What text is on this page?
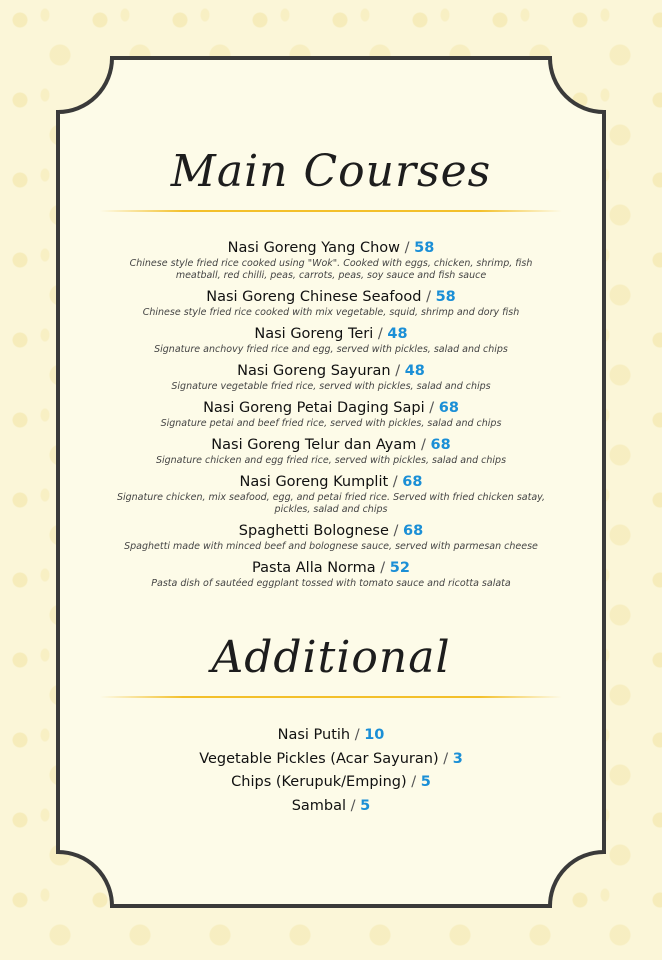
Main Courses
Nasi Goreng Yang Chow / 58
Chinese style fried rice cooked using "Wok". Cooked with eggs, chicken, shrimp, fish meatball, red chilli, peas, carrots, peas, soy sauce and fish sauce
Nasi Goreng Chinese Seafood / 58
Chinese style fried rice cooked with mix vegetable, squid, shrimp and dory fish
Nasi Goreng Teri / 48
Signature anchovy fried rice and egg, served with pickles, salad and chips
Nasi Goreng Sayuran / 48
Signature vegetable fried rice, served with pickles, salad and chips
Nasi Goreng Petai Daging Sapi / 68
Signature petai and beef fried rice, served with pickles, salad and chips
Nasi Goreng Telur dan Ayam / 68
Signature chicken and egg fried rice, served with pickles, salad and chips
Nasi Goreng Kumplit / 68
Signature chicken, mix seafood, egg, and petai fried rice. Served with fried chicken satay, pickles, salad and chips
Spaghetti Bolognese / 68
Spaghetti made with minced beef and bolognese sauce, served with parmesan cheese
Pasta Alla Norma / 52
Pasta dish of sautéed eggplant tossed with tomato sauce and ricotta salata
Additional
Nasi Putih / 10
Vegetable Pickles (Acar Sayuran) / 3
Chips (Kerupuk/Emping) / 5
Sambal / 5
